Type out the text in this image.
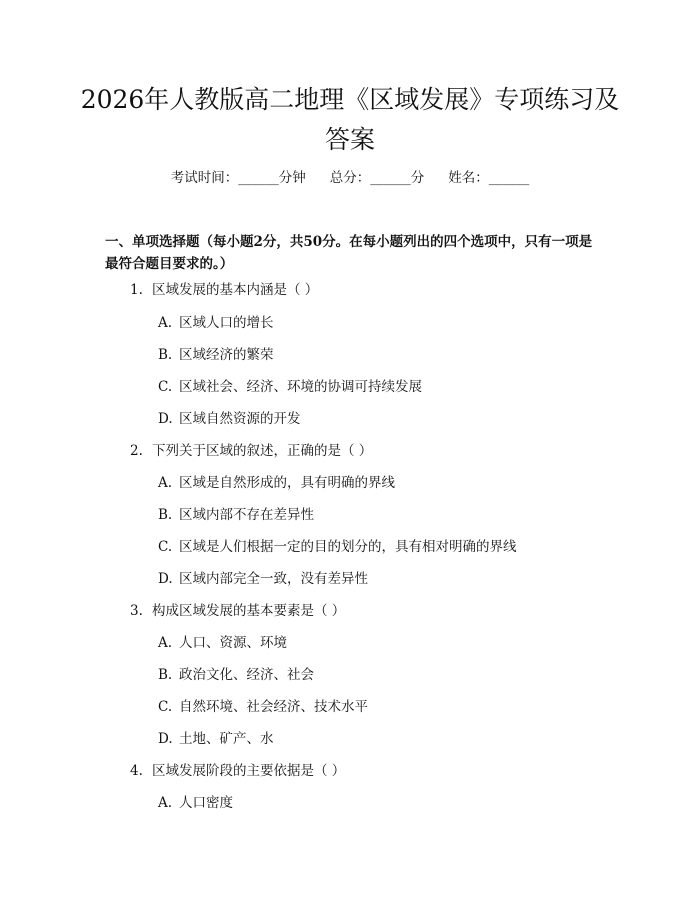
2026年人教版高二地理《区域发展》专项练习及答案
考试时间：______分钟 总分：______分 姓名：______
一、单项选择题（每小题2分，共50分。在每小题列出的四个选项中，只有一项是最符合题目要求的。）
1. 区域发展的基本内涵是（ ）
A. 区域人口的增长
B. 区域经济的繁荣
C. 区域社会、经济、环境的协调可持续发展
D. 区域自然资源的开发
2. 下列关于区域的叙述，正确的是（ ）
A. 区域是自然形成的，具有明确的界线
B. 区域内部不存在差异性
C. 区域是人们根据一定的目的划分的，具有相对明确的界线
D. 区域内部完全一致，没有差异性
3. 构成区域发展的基本要素是（ ）
A. 人口、资源、环境
B. 政治文化、经济、社会
C. 自然环境、社会经济、技术水平
D. 土地、矿产、水
4. 区域发展阶段的主要依据是（ ）
A. 人口密度
